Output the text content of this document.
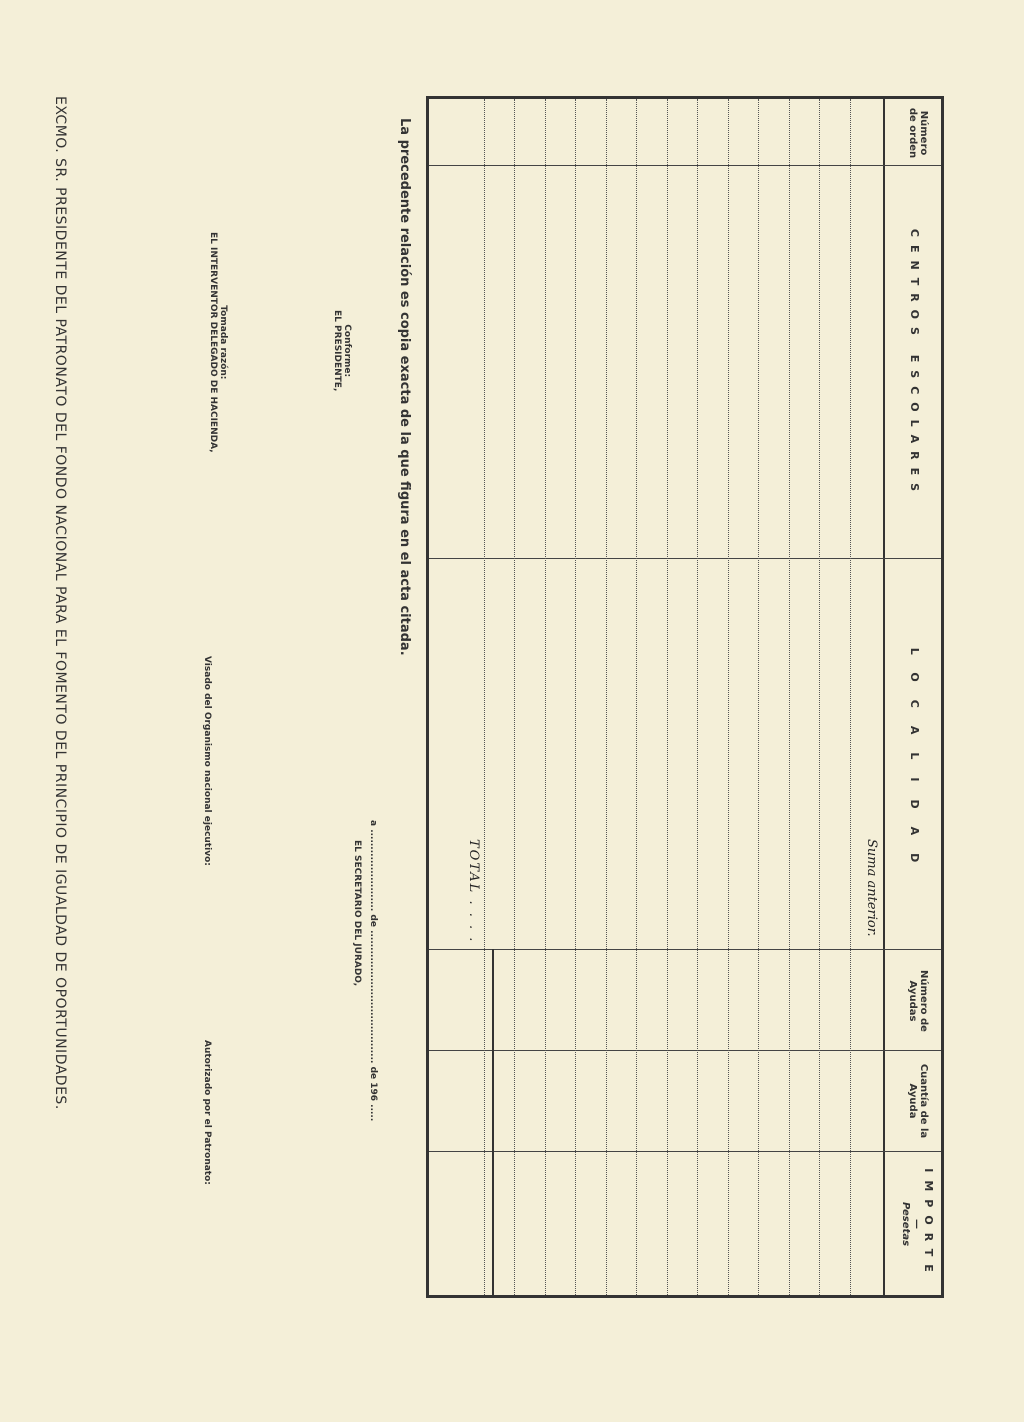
Número de orden
CENTROS ESCOLARES
LOCALIDAD
Número de Ayudas
Cuantía de la Ayuda
IMPORTE
—
Pesetas
Suma anterior.
TOTAL . . . .
La precedente relación es copia exacta de la que figura en el acta citada.
a ........................ de ....................................... de 196 .....
EL SECRETARIO DEL JURADO,
Conforme:
EL PRESIDENTE,
Tomada razón:
EL INTERVENTOR DELEGADO DE HACIENDA,
Visado del Organismo nacional ejecutivo:
Autorizado por el Patronato:
EXCMO. SR. PRESIDENTE DEL PATRONATO DEL FONDO NACIONAL PARA EL FOMENTO DEL PRINCIPIO DE IGUALDAD DE OPORTUNIDADES.
